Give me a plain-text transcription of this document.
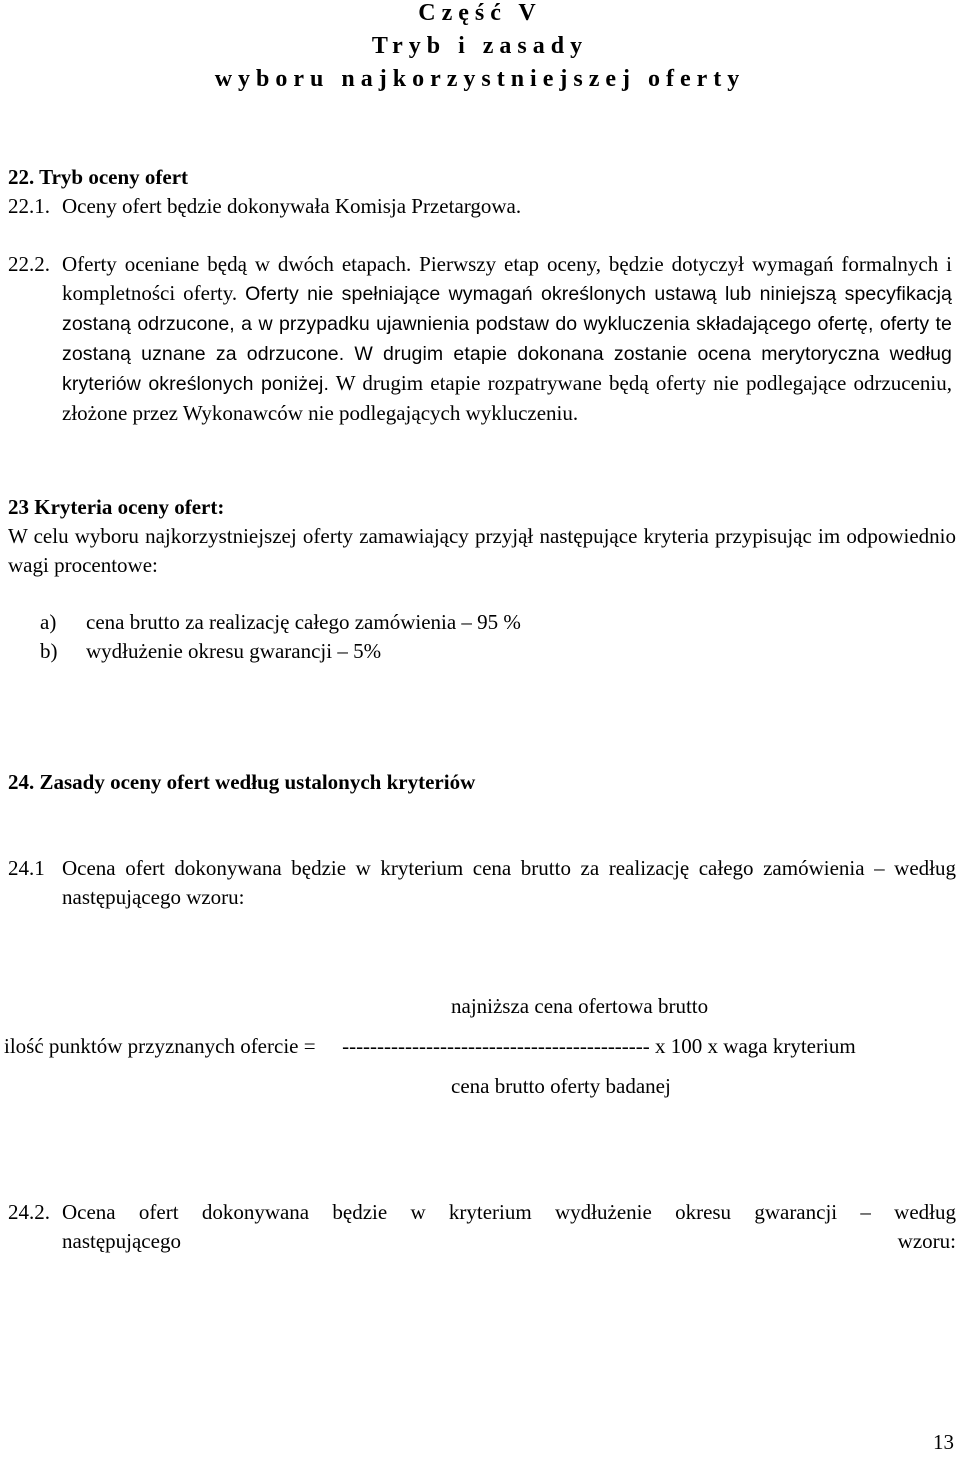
Część V

Tryb i zasady

wyboru najkorzystniejszej oferty

22. Tryb oceny ofert
22.1. Oceny ofert będzie dokonywała Komisja Przetargowa.
22.2. Oferty oceniane będą w dwóch etapach. Pierwszy etap oceny, będzie dotyczył wymagań formalnych i kompletności oferty. Oferty nie spełniające wymagań określonych ustawą lub niniejszą specyfikacją zostaną odrzucone, a w przypadku ujawnienia podstaw do wykluczenia składającego ofertę, oferty te zostaną uznane za odrzucone. W drugim etapie dokonana zostanie ocena merytoryczna według kryteriów określonych poniżej. W drugim etapie rozpatrywane będą oferty nie podlegające odrzuceniu, złożone przez Wykonawców nie podlegających wykluczeniu.
23 Kryteria oceny ofert:
W celu wyboru najkorzystniejszej oferty zamawiający przyjął następujące kryteria przypisując im odpowiednio wagi procentowe:
a) cena brutto za realizację całego zamówienia – 95 %
b) wydłużenie okresu gwarancji – 5%
24. Zasady oceny ofert według ustalonych kryteriów
24.1 Ocena ofert dokonywana będzie w kryterium cena brutto za realizację całego zamówienia – według następującego wzoru:
najniższa cena ofertowa brutto
ilość punktów przyznanych ofercie = -------------------------------------------- x 100 x waga kryterium
cena brutto oferty badanej
24.2. Ocena ofert dokonywana będzie w kryterium wydłużenie okresu gwarancji – według
następującego	wzoru:
13
